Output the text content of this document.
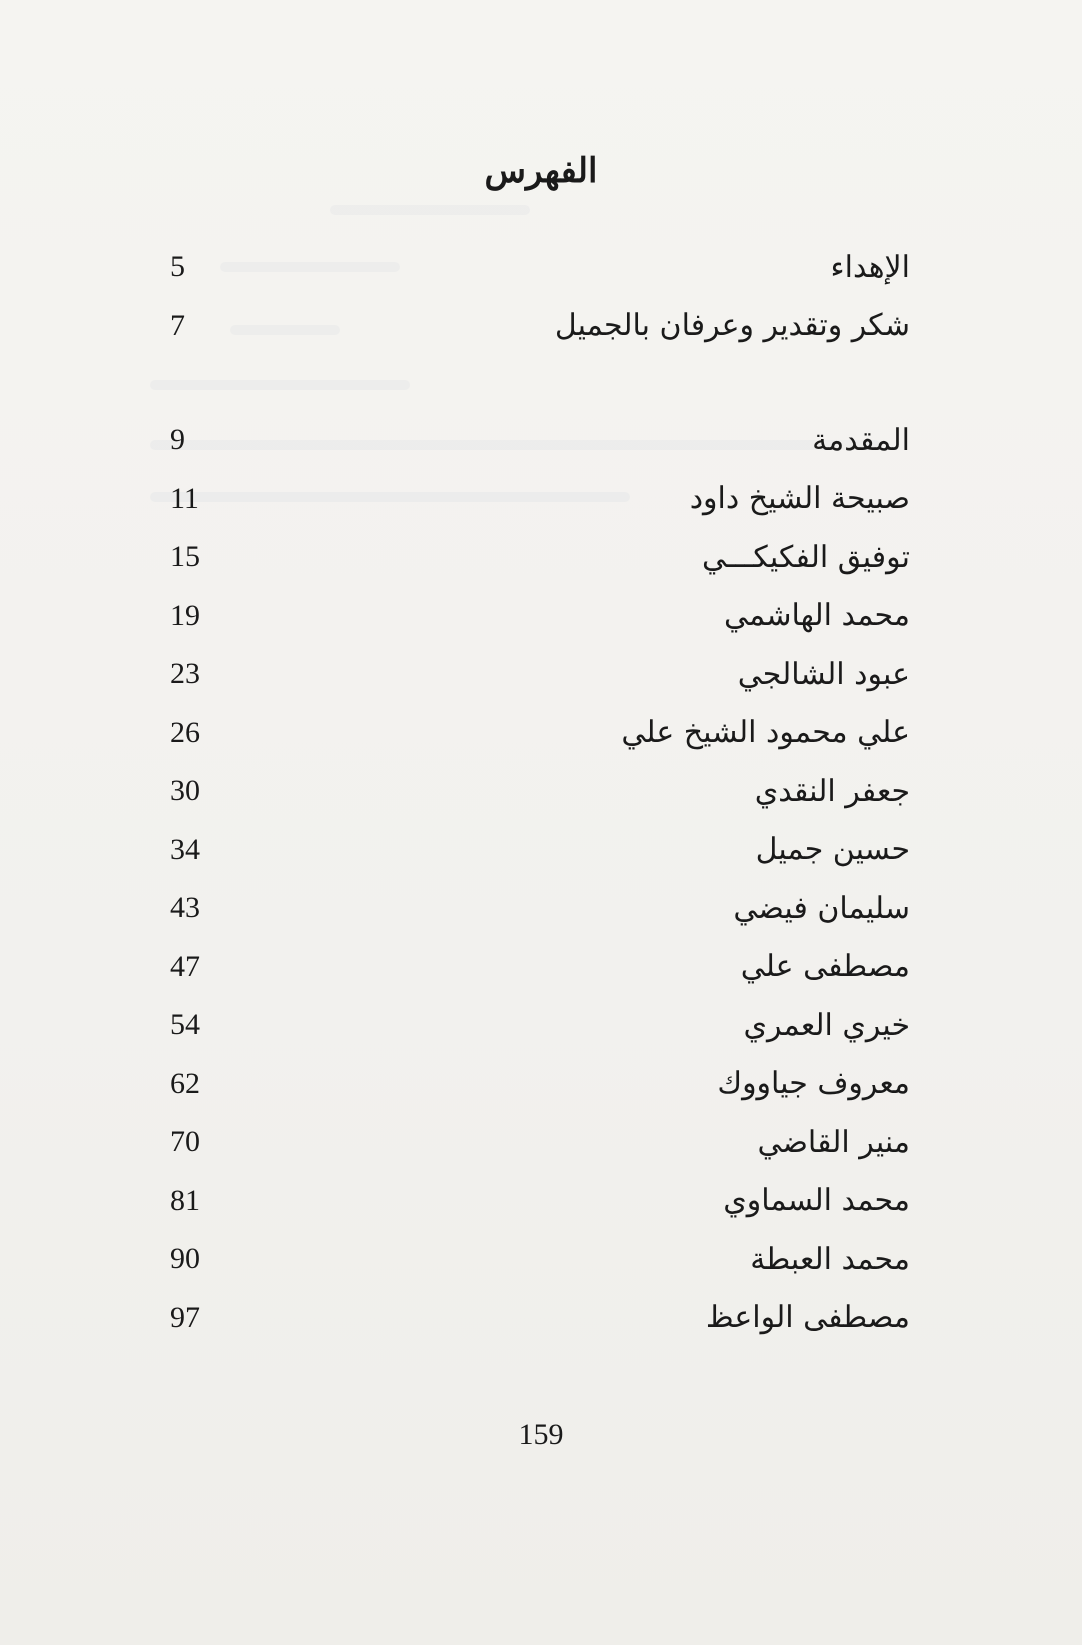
الفهرس
الإهداء
5
شكر وتقدير وعرفان بالجميل
7
المقدمة
9
صبيحة الشيخ داود
11
توفيق الفكيكـــي
15
محمد الهاشمي
19
عبود الشالجي
23
علي محمود الشيخ علي
26
جعفر النقدي
30
حسين جميل
34
سليمان فيضي
43
مصطفى علي
47
خيري العمري
54
معروف جياووك
62
منير القاضي
70
محمد السماوي
81
محمد العبطة
90
مصطفى الواعظ
97
159
